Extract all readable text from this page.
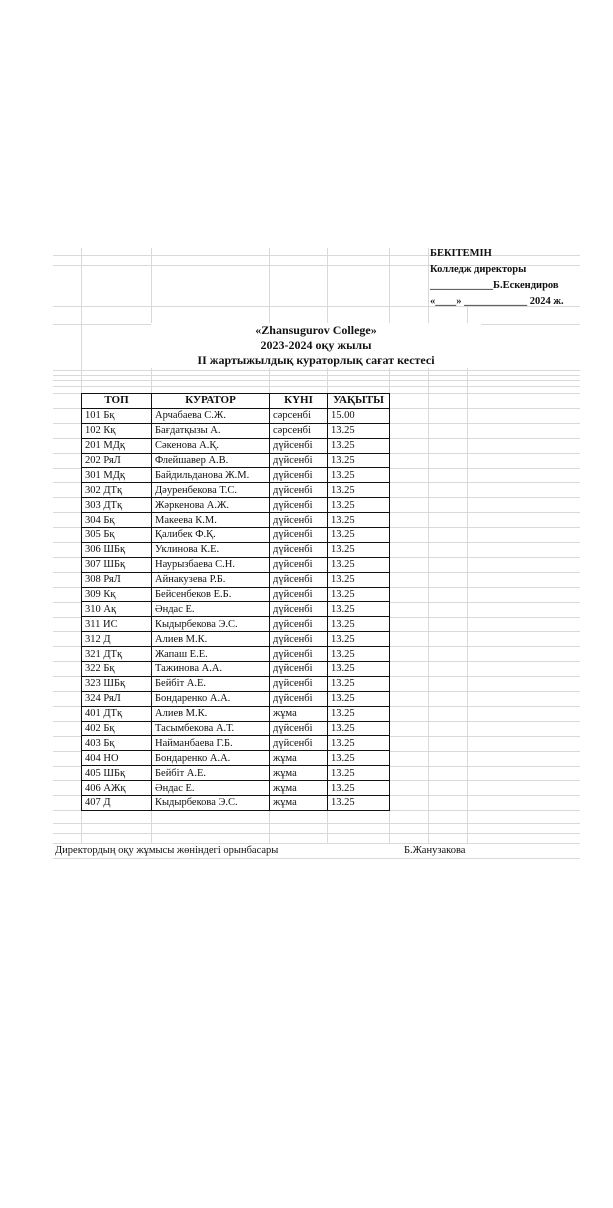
БЕКІТЕМІН
Колледж директоры
____________Б.Ескендиров
«____» ____________ 2024 ж.
«Zhansugurov College»
2023-2024 оқу жылы
ІІ жартыжылдық кураторлық сағат кестесі
ТОП	КУРАТОР	КҮНІ	УАҚЫТЫ
101 Бқ	Арчабаева С.Ж.	сәрсенбі	15.00
102 Кқ	Бағдатқызы А.	сәрсенбі	13.25
201 МДқ	Сәкенова А.Қ.	дүйсенбі	13.25
202 РяЛ	Флейшавер А.В.	дүйсенбі	13.25
301 МДқ	Байдильданова Ж.М.	дүйсенбі	13.25
302 ДТқ	Дәуренбекова Т.С.	дүйсенбі	13.25
303 ДТқ	Жәркенова А.Ж.	дүйсенбі	13.25
304 Бқ	Макеева К.М.	дүйсенбі	13.25
305 Бқ	Қалибек Ф.Қ.	дүйсенбі	13.25
306 ШБқ	Уклинова К.Е.	дүйсенбі	13.25
307 ШБқ	Наурызбаева С.Н.	дүйсенбі	13.25
308 РяЛ	Айнакузева Р.Б.	дүйсенбі	13.25
309 Кқ	Бейсенбеков Е.Б.	дүйсенбі	13.25
310 Ақ	Әндас Е.	дүйсенбі	13.25
311 ИС	Кыдырбекова Э.С.	дүйсенбі	13.25
312 Д	Алиев М.К.	дүйсенбі	13.25
321 ДТқ	Жапаш Е.Е.	дүйсенбі	13.25
322 Бқ	Тажинова А.А.	дүйсенбі	13.25
323 ШБқ	Бейбіт А.Е.	дүйсенбі	13.25
324 РяЛ	Бондаренко А.А.	дүйсенбі	13.25
401 ДТқ	Алиев М.К.	жұма	13.25
402 Бқ	Тасымбекова А.Т.	дүйсенбі	13.25
403 Бқ	Найманбаева Г.Б.	дүйсенбі	13.25
404 НО	Бондаренко А.А.	жұма	13.25
405 ШБқ	Бейбіт А.Е.	жұма	13.25
406 АЖқ	Әндас Е.	жұма	13.25
407 Д	Кыдырбекова Э.С.	жұма	13.25
Директордың оқу жұмысы жөніндегі орынбасары	Б.Жанузакова
